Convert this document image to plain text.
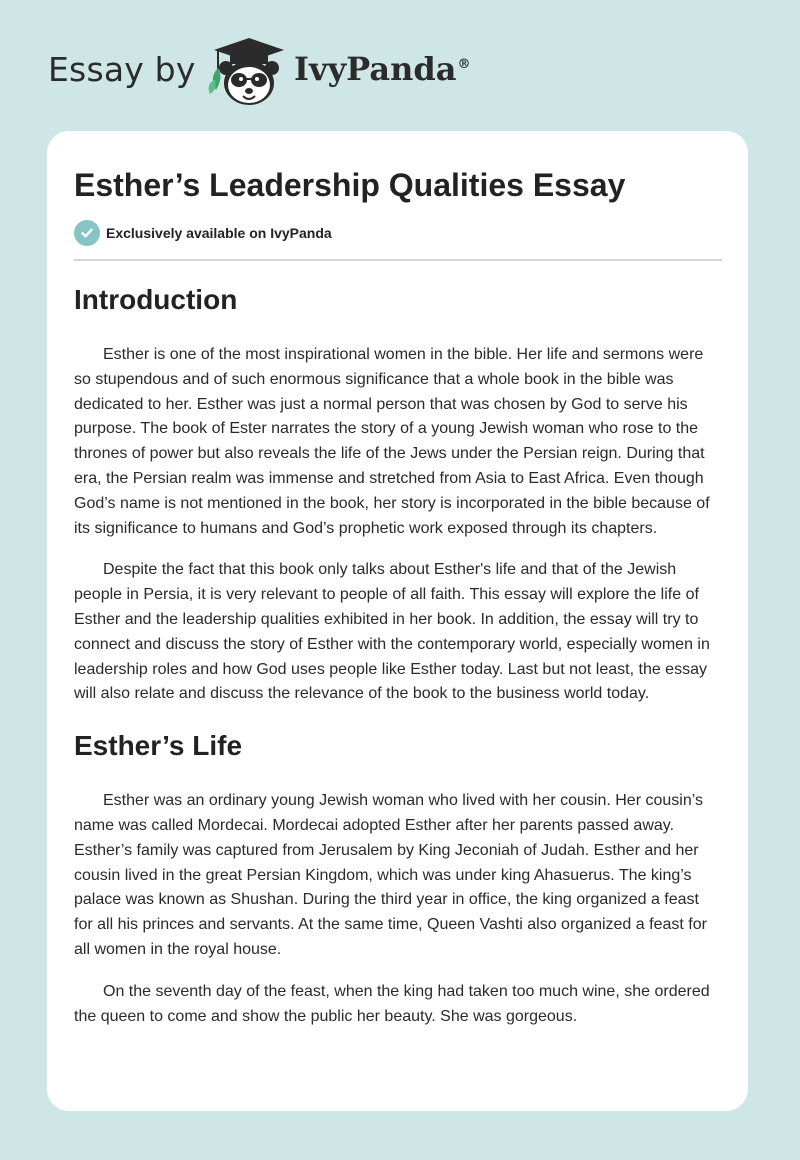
Essay by	IvyPanda®
Esther’s Leadership Qualities Essay
Exclusively available on IvyPanda
Introduction

Esther is one of the most inspirational women in the bible. Her life and sermons were so stupendous and of such enormous significance that a whole book in the bible was dedicated to her. Esther was just a normal person that was chosen by God to serve his purpose. The book of Ester narrates the story of a young Jewish woman who rose to the thrones of power but also reveals the life of the Jews under the Persian reign. During that era, the Persian realm was immense and stretched from Asia to East Africa. Even though God’s name is not mentioned in the book, her story is incorporated in the bible because of its significance to humans and God’s prophetic work exposed through its chapters.

Despite the fact that this book only talks about Esther's life and that of the Jewish people in Persia, it is very relevant to people of all faith. This essay will explore the life of Esther and the leadership qualities exhibited in her book. In addition, the essay will try to connect and discuss the story of Esther with the contemporary world, especially women in leadership roles and how God uses people like Esther today. Last but not least, the essay will also relate and discuss the relevance of the book to the business world today.

Esther’s Life

Esther was an ordinary young Jewish woman who lived with her cousin. Her cousin’s name was called Mordecai. Mordecai adopted Esther after her parents passed away. Esther’s family was captured from Jerusalem by King Jeconiah of Judah. Esther and her cousin lived in the great Persian Kingdom, which was under king Ahasuerus. The king’s palace was known as Shushan. During the third year in office, the king organized a feast for all his princes and servants. At the same time, Queen Vashti also organized a feast for all women in the royal house.

On the seventh day of the feast, when the king had taken too much wine, she ordered the queen to come and show the public her beauty. She was gorgeous.
